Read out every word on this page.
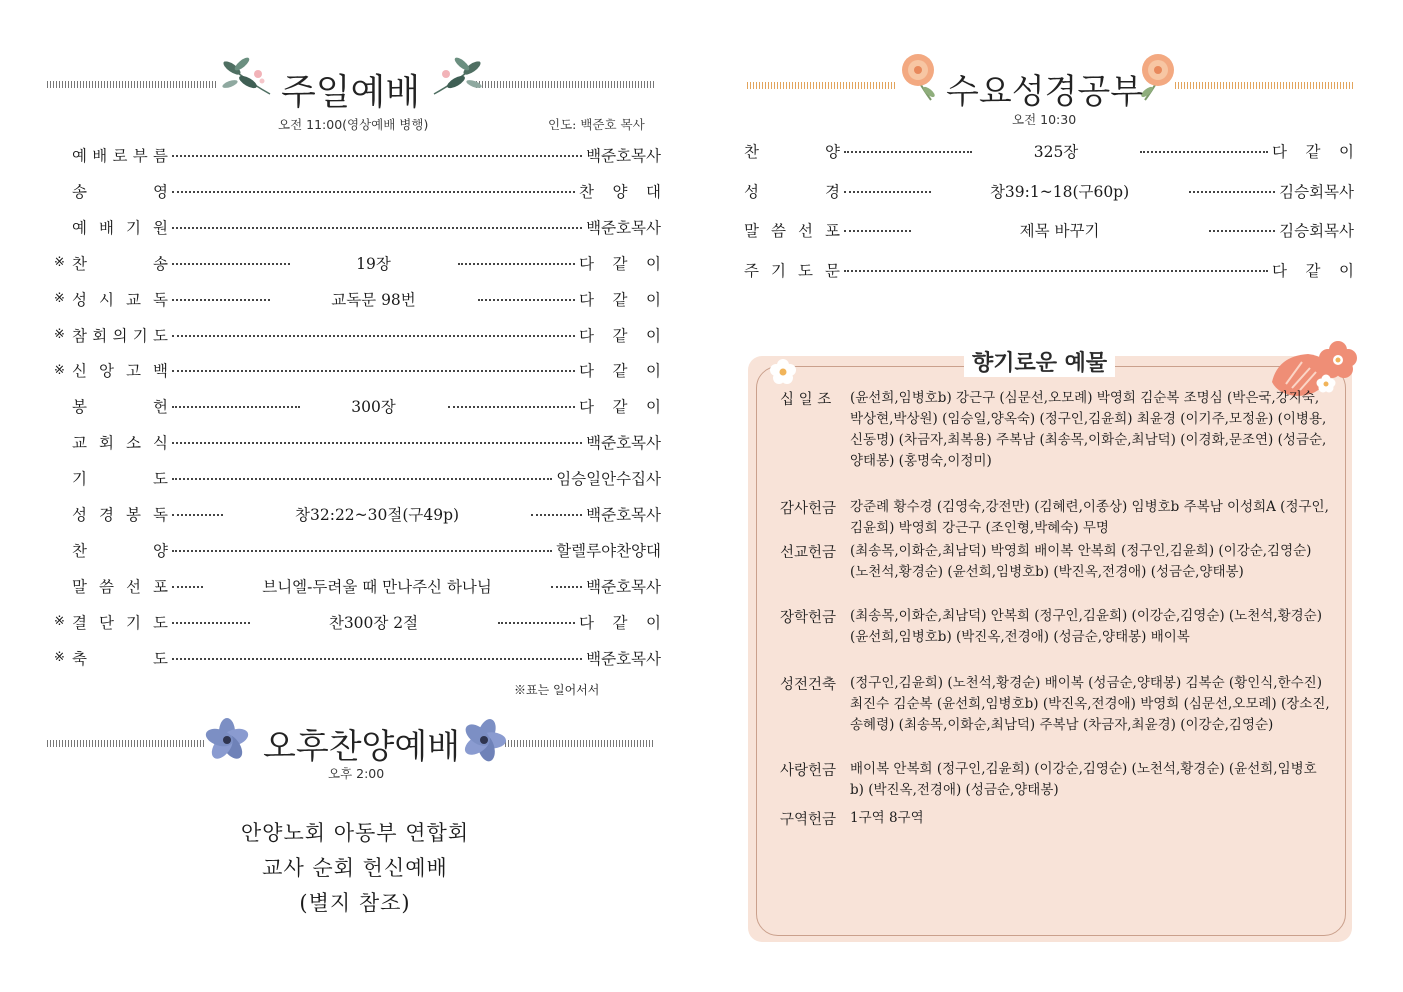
주일예배
오전 11:00(영상예배 병행)	인도: 백준호 목사
예 배 로 부 름	백준호목사
송	영	찬 양 대
예 배 기 원	백준호목사
※ 찬	송	19장	다 같 이
※ 성 시 교 독	교독문 98번	다 같 이
※ 참 회 의 기 도	다 같 이
※ 신 앙 고 백	다 같 이
봉	헌	300장	다 같 이
교 회 소 식	백준호목사
기	도	임승일안수집사
성 경 봉 독	창32:22~30절(구49p)	백준호목사
찬	양	할렐루야찬양대
말 씀 선 포	브니엘-두려울 때 만나주신 하나님	백준호목사
※ 결 단 기 도	찬300장 2절	다 같 이
※ 축	도	백준호목사
※표는 일어서서
오후찬양예배
오후 2:00
안양노회 아동부 연합회
교사 순회 헌신예배
(별지 참조)
수요성경공부
오전 10:30
찬	양	325장	다 같 이
성	경	창39:1~18(구60p)	김승회목사
말 씀 선 포	제목 바꾸기	김승회목사
주 기 도 문	다 같 이
향기로운 예물
십 일 조 (윤선희,임병호b) 강근구 (심문선,오모례) 박영희 김순복 조명심 (박은국,강지숙,박상현,박상원) (임승일,양옥숙) (정구인,김윤희) 최윤경 (이기주,모정윤) (이병용,신동명) (차금자,최복용) 주복남 (최송목,이화순,최남덕) (이경화,문조연) (성금순,양태봉) (홍명숙,이정미)
감사헌금 강준례 황수경 (김영숙,강전만) (김혜련,이종상) 임병호b 주복남 이성희A (정구인,김윤희) 박영희 강근구 (조인형,박혜숙) 무명
선교헌금 (최송목,이화순,최남덕) 박영희 배이복 안복희 (정구인,김윤희) (이강순,김영순) (노천석,황경순) (윤선희,임병호b) (박진옥,전경애) (성금순,양태봉)
장학헌금 (최송목,이화순,최남덕) 안복희 (정구인,김윤희) (이강순,김영순) (노천석,황경순) (윤선희,임병호b) (박진옥,전경애) (성금순,양태봉) 배이복
성전건축 (정구인,김윤희) (노천석,황경순) 배이복 (성금순,양태봉) 김복순 (황인식,한수진) 최진수 김순복 (윤선희,임병호b) (박진옥,전경애) 박영희 (심문선,오모례) (장소진,송혜령) (최송목,이화순,최남덕) 주복남 (차금자,최윤경) (이강순,김영순)
사랑헌금 배이복 안복희 (정구인,김윤희) (이강순,김영순) (노천석,황경순) (윤선희,임병호b) (박진옥,전경애) (성금순,양태봉)
구역헌금 1구역 8구역
